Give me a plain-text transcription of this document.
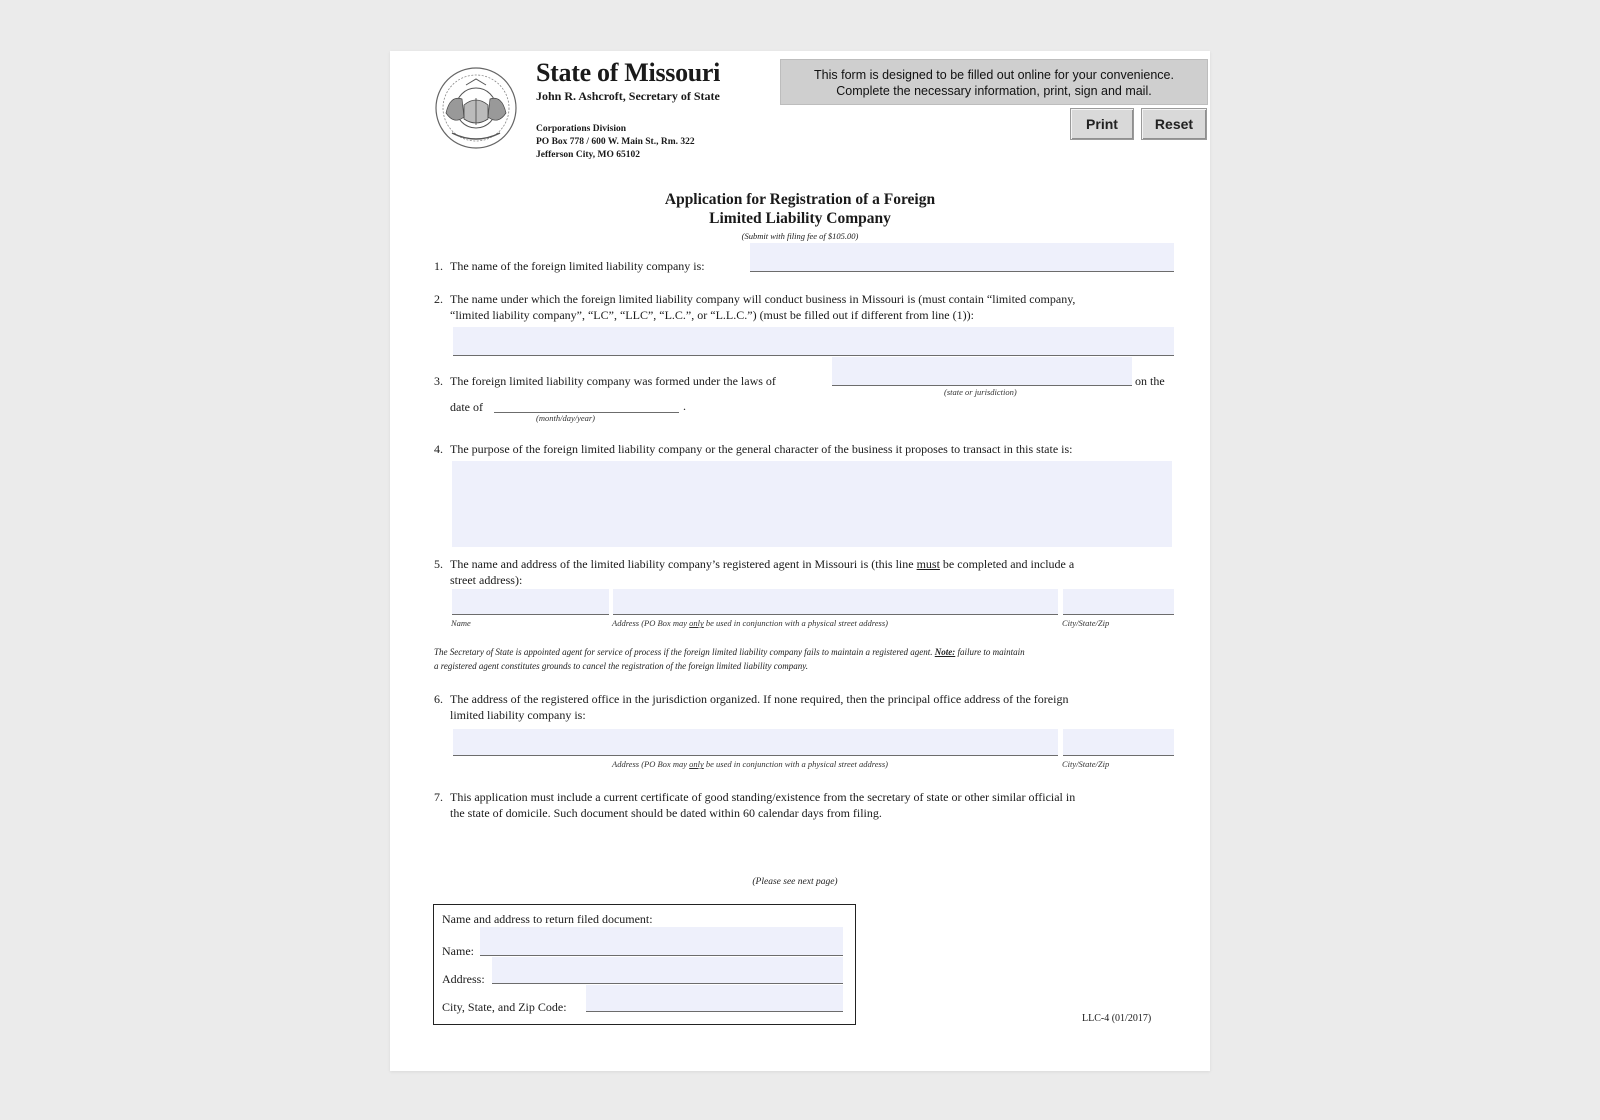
State of Missouri
John R. Ashcroft, Secretary of State
Corporations Division
PO Box 778 / 600 W. Main St., Rm. 322
Jefferson City, MO 65102
This form is designed to be filled out online for your convenience.
Complete the necessary information, print, sign and mail.
Print	Reset
Application for Registration of a Foreign
Limited Liability Company
(Submit with filing fee of $105.00)
1. The name of the foreign limited liability company is:
2. The name under which the foreign limited liability company will conduct business in Missouri is (must contain “limited company,
“limited liability company”, “LC”, “LLC”, “L.C.”, or “L.L.C.”) (must be filled out if different from line (1)):
3. The foreign limited liability company was formed under the laws of	on the
(state or jurisdiction)
date of	.
(month/day/year)
4. The purpose of the foreign limited liability company or the general character of the business it proposes to transact in this state is:
5. The name and address of the limited liability company’s registered agent in Missouri is (this line must be completed and include a
street address):
Name	Address (PO Box may only be used in conjunction with a physical street address)	City/State/Zip
The Secretary of State is appointed agent for service of process if the foreign limited liability company fails to maintain a registered agent. Note: failure to maintain
a registered agent constitutes grounds to cancel the registration of the foreign limited liability company.
6. The address of the registered office in the jurisdiction organized. If none required, then the principal office address of the foreign
limited liability company is:
Address (PO Box may only be used in conjunction with a physical street address)	City/State/Zip
7. This application must include a current certificate of good standing/existence from the secretary of state or other similar official in
the state of domicile. Such document should be dated within 60 calendar days from filing.
(Please see next page)
Name and address to return filed document:
Name:
Address:
City, State, and Zip Code:
LLC-4 (01/2017)
